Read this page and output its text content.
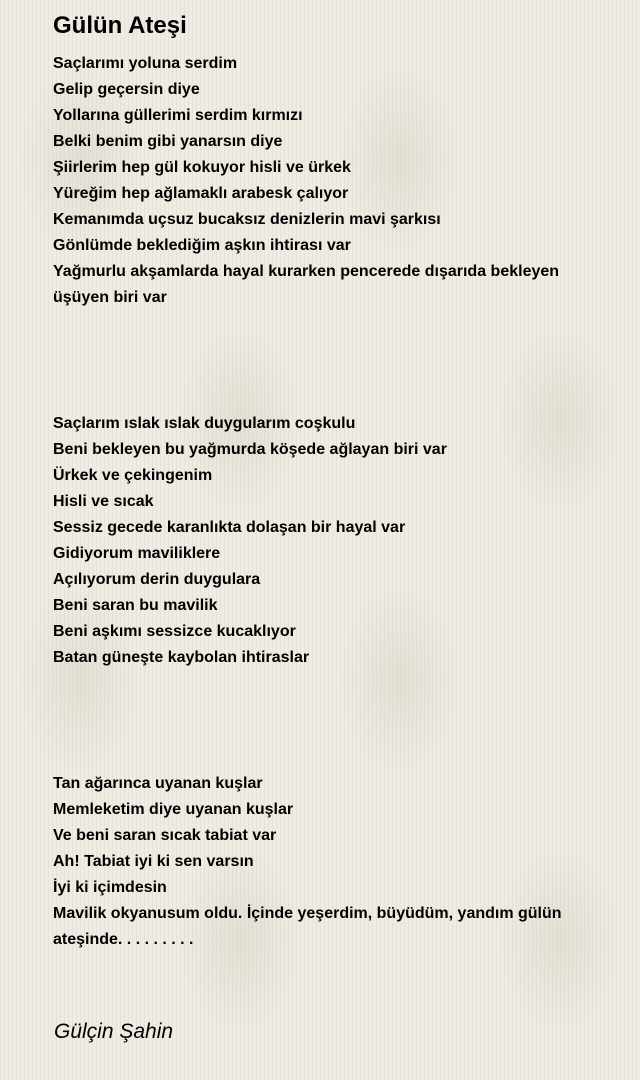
Gülün Ateşi
Saçlarımı yoluna serdim
Gelip geçersin diye
Yollarına güllerimi serdim kırmızı
Belki benim gibi yanarsın diye
Şiirlerim hep gül kokuyor hisli ve ürkek
Yüreğim hep ağlamaklı arabesk çalıyor
Kemanımda uçsuz bucaksız denizlerin mavi şarkısı
Gönlümde beklediğim aşkın ihtirası var
Yağmurlu akşamlarda hayal kurarken pencerede dışarıda bekleyen üşüyen biri var
Saçlarım ıslak ıslak duygularım coşkulu
Beni bekleyen bu yağmurda köşede ağlayan biri var
Ürkek ve çekingenim
Hisli ve sıcak
Sessiz gecede karanlıkta dolaşan bir hayal var
Gidiyorum maviliklere
Açılıyorum derin duygulara
Beni saran bu mavilik
Beni aşkımı sessizce kucaklıyor
Batan güneşte kaybolan ihtiraslar
Tan ağarınca uyanan kuşlar
Memleketim diye uyanan kuşlar
Ve beni saran sıcak tabiat var
Ah! Tabiat iyi ki sen varsın
İyi ki içimdesin
Mavilik okyanusum oldu. İçinde yeşerdim, büyüdüm, yandım gülün ateşinde. . . . . . . . .

Gülçin Şahin
